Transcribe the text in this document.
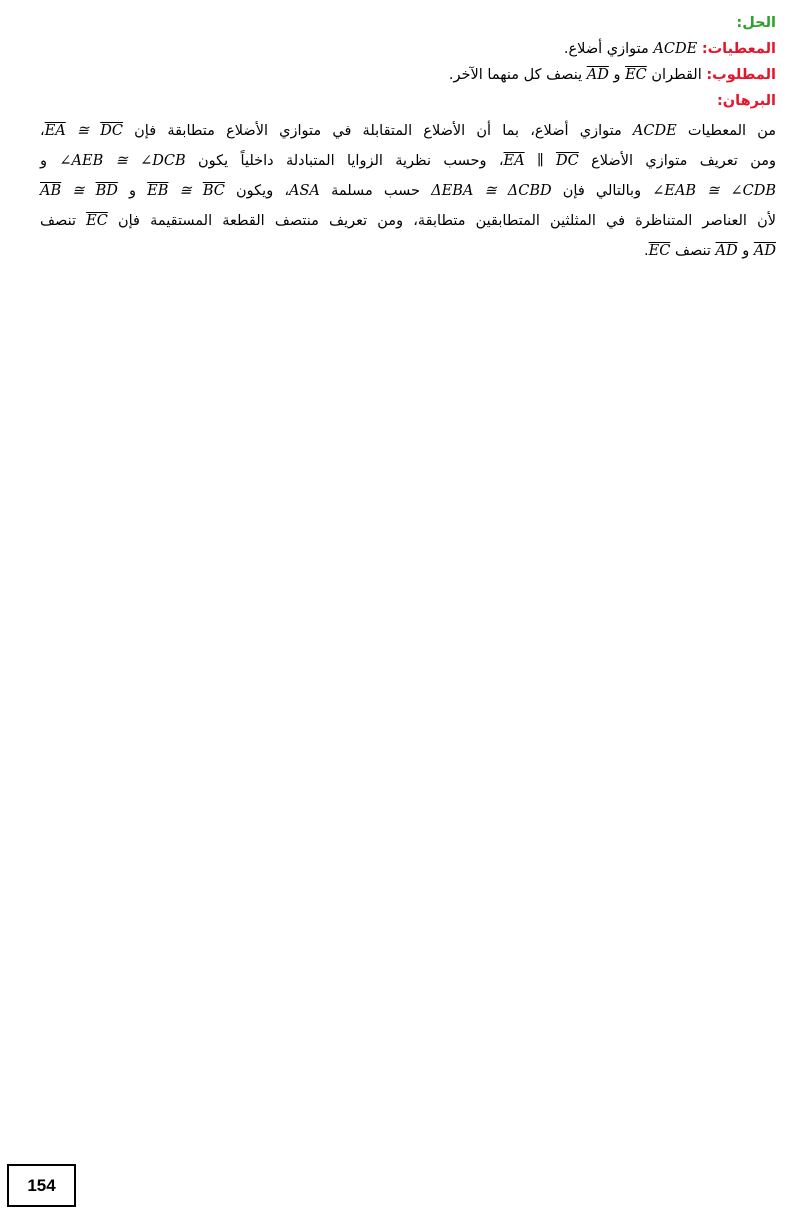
الحل:
المعطيات: ACDE متوازي أضلاع.
المطلوب: القطران $\overline{EC}$ و $\overline{AD}$ ينصف كل منهما الآخر.
البرهان:
من المعطيات ACDE متوازي أضلاع، بما أن الأضلاع المتقابلة في متوازي الأضلاع متطابقة فإن $\overline{EA}$ ≅ $\overline{DC}،$
ومن تعريف متوازي الأضلاع $\overline{EA}$ ∥ $\overline{DC}،$ وحسب نظرية الزوايا المتبادلة داخلياً يكون ∠AEB ≅ ∠DCB و
∠EAB ≅ ∠CDB وبالتالي فإن ΔEBA ≅ ΔCBD حسب مسلمة ASA، ويكون $\overline{EB}$ ≅ $\overline{BC}$ و $\overline{AB}$ ≅ $\overline{BD}$
لأن العناصر المتناظرة في المثلثين المتطابقين متطابقة، ومن تعريف منتصف القطعة المستقيمة فإن $\overline{EC}$ تنصف
$\overline{AD}$ و $\overline{AD}$ تنصف $\overline{EC}$.
154
